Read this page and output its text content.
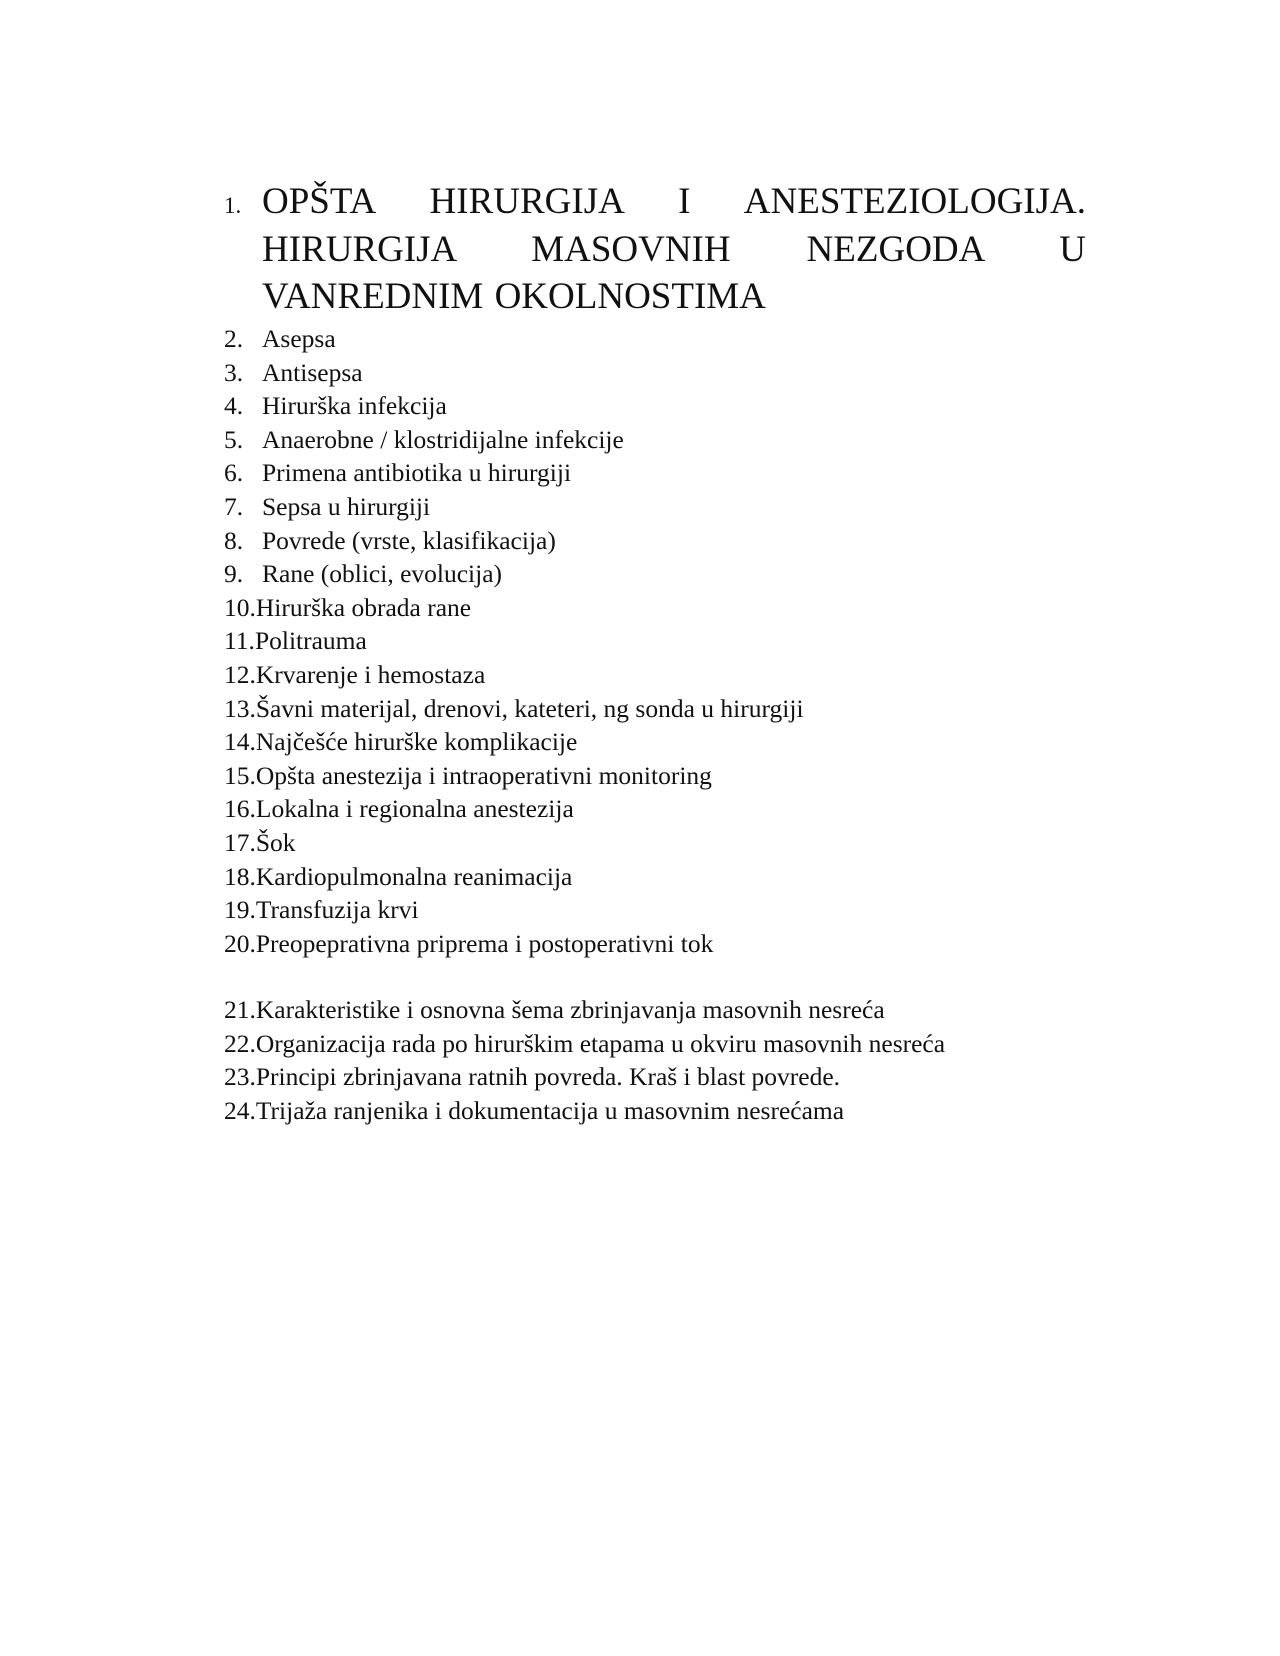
1. OPŠTA HIRURGIJA I ANESTEZIOLOGIJA. HIRURGIJA MASOVNIH NEZGODA U VANREDNIM OKOLNOSTIMA
2. Asepsa
3. Antisepsa
4. Hirurška infekcija
5. Anaerobne / klostridijalne infekcije
6. Primena antibiotika u hirurgiji
7. Sepsa u hirurgiji
8. Povrede (vrste, klasifikacija)
9. Rane (oblici, evolucija)
10. Hirurška obrada rane
11. Politrauma
12. Krvarenje i hemostaza
13. Šavni materijal, drenovi, kateteri, ng sonda u hirurgiji
14. Najčešće hirurške komplikacije
15. Opšta anestezija i intraoperativni monitoring
16. Lokalna i regionalna anestezija
17. Šok
18. Kardiopulmonalna reanimacija
19. Transfuzija krvi
20. Preopeprativna priprema i postoperativni tok
21. Karakteristike i osnovna šema zbrinjavanja masovnih nesreća
22. Organizacija rada po hirurškim etapama u okviru masovnih nesreća
23. Principi zbrinjavana ratnih povreda. Kraš i blast povrede.
24. Trijaža ranjenika i dokumentacija u masovnim nesrećama
